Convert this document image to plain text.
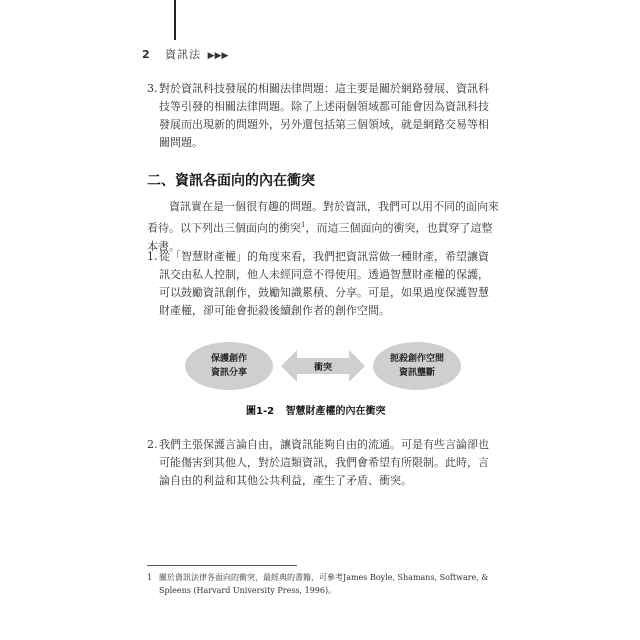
2 資訊法 ▶▶▶
3. 對於資訊科技發展的相關法律問題：這主要是關於網路發展、資訊科技等引發的相關法律問題。除了上述兩個領域都可能會因為資訊科技發展而出現新的問題外，另外還包括第三個領域，就是網路交易等相關問題。
二、資訊各面向的內在衝突
資訊實在是一個很有趣的問題。對於資訊，我們可以用不同的面向來看待。以下列出三個面向的衝突$^1$，而這三個面向的衝突，也貫穿了這整本書。
1. 從「智慧財產權」的角度來看，我們把資訊當做一種財產，希望讓資訊交由私人控制，他人未經同意不得使用。透過智慧財產權的保護，可以鼓勵資訊創作，鼓勵知識累積、分享。可是，如果過度保護智慧財產權，卻可能會扼殺後續創作者的創作空間。
保護創作
資訊分享
衝突
扼殺創作空間
資訊壟斷
圖1-2 智慧財產權的內在衝突
2. 我們主張保護言論自由，讓資訊能夠自由的流通。可是有些言論卻也可能傷害到其他人，對於這類資訊，我們會希望有所限制。此時，言論自由的利益和其他公共利益，產生了矛盾、衝突。
1 關於資訊法律各面向的衝突，最經典的書籍，可參考James Boyle, Shamans, Software, & Spleens (Harvard University Press, 1996)。
